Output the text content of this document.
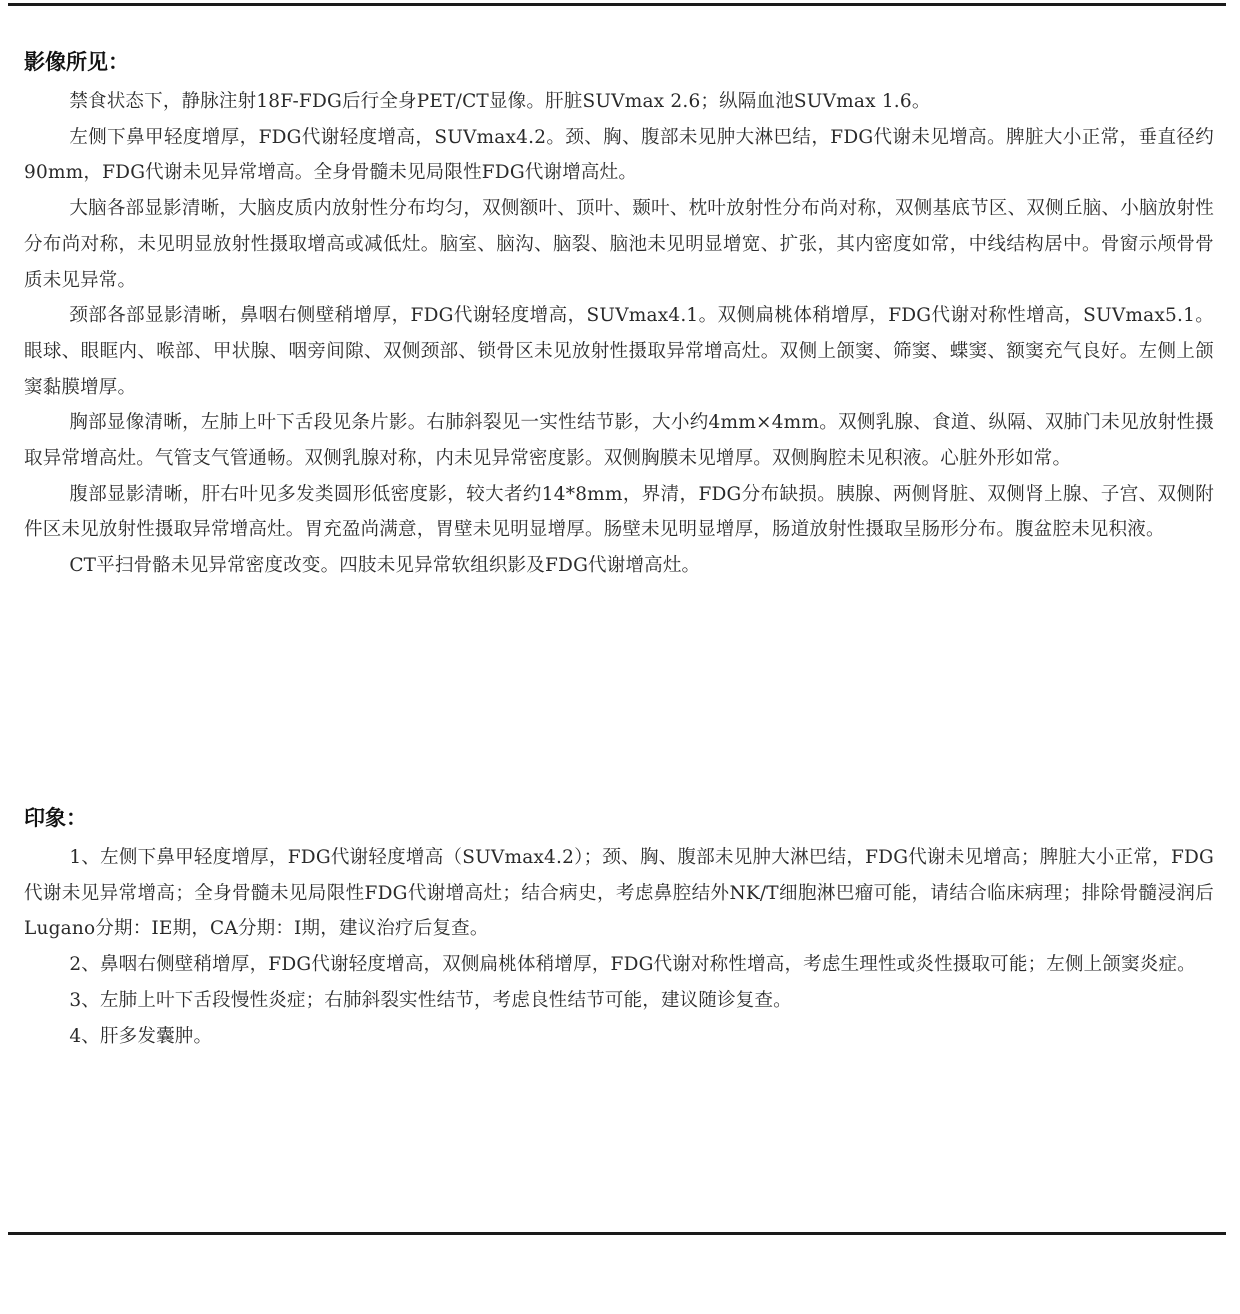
影像所见：

禁食状态下，静脉注射18F-FDG后行全身PET/CT显像。肝脏SUVmax 2.6；纵隔血池SUVmax 1.6。

左侧下鼻甲轻度增厚，FDG代谢轻度增高，SUVmax4.2。颈、胸、腹部未见肿大淋巴结，FDG代谢未见增高。脾脏大小正常，垂直径约90mm，FDG代谢未见异常增高。全身骨髓未见局限性FDG代谢增高灶。

大脑各部显影清晰，大脑皮质内放射性分布均匀，双侧额叶、顶叶、颞叶、枕叶放射性分布尚对称，双侧基底节区、双侧丘脑、小脑放射性分布尚对称，未见明显放射性摄取增高或减低灶。脑室、脑沟、脑裂、脑池未见明显增宽、扩张，其内密度如常，中线结构居中。骨窗示颅骨骨质未见异常。

颈部各部显影清晰，鼻咽右侧壁稍增厚，FDG代谢轻度增高，SUVmax4.1。双侧扁桃体稍增厚，FDG代谢对称性增高，SUVmax5.1。眼球、眼眶内、喉部、甲状腺、咽旁间隙、双侧颈部、锁骨区未见放射性摄取异常增高灶。双侧上颌窦、筛窦、蝶窦、额窦充气良好。左侧上颌窦黏膜增厚。

胸部显像清晰，左肺上叶下舌段见条片影。右肺斜裂见一实性结节影，大小约4mm×4mm。双侧乳腺、食道、纵隔、双肺门未见放射性摄取异常增高灶。气管支气管通畅。双侧乳腺对称，内未见异常密度影。双侧胸膜未见增厚。双侧胸腔未见积液。心脏外形如常。

腹部显影清晰，肝右叶见多发类圆形低密度影，较大者约14*8mm，界清，FDG分布缺损。胰腺、两侧肾脏、双侧肾上腺、子宫、双侧附件区未见放射性摄取异常增高灶。胃充盈尚满意，胃壁未见明显增厚。肠壁未见明显增厚，肠道放射性摄取呈肠形分布。腹盆腔未见积液。

CT平扫骨骼未见异常密度改变。四肢未见异常软组织影及FDG代谢增高灶。

印象：

1、左侧下鼻甲轻度增厚，FDG代谢轻度增高（SUVmax4.2）；颈、胸、腹部未见肿大淋巴结，FDG代谢未见增高；脾脏大小正常，FDG代谢未见异常增高；全身骨髓未见局限性FDG代谢增高灶；结合病史，考虑鼻腔结外NK/T细胞淋巴瘤可能，请结合临床病理；排除骨髓浸润后Lugano分期：IE期，CA分期：I期，建议治疗后复查。

2、鼻咽右侧壁稍增厚，FDG代谢轻度增高，双侧扁桃体稍增厚，FDG代谢对称性增高，考虑生理性或炎性摄取可能；左侧上颌窦炎症。

3、左肺上叶下舌段慢性炎症；右肺斜裂实性结节，考虑良性结节可能，建议随诊复查。

4、肝多发囊肿。
